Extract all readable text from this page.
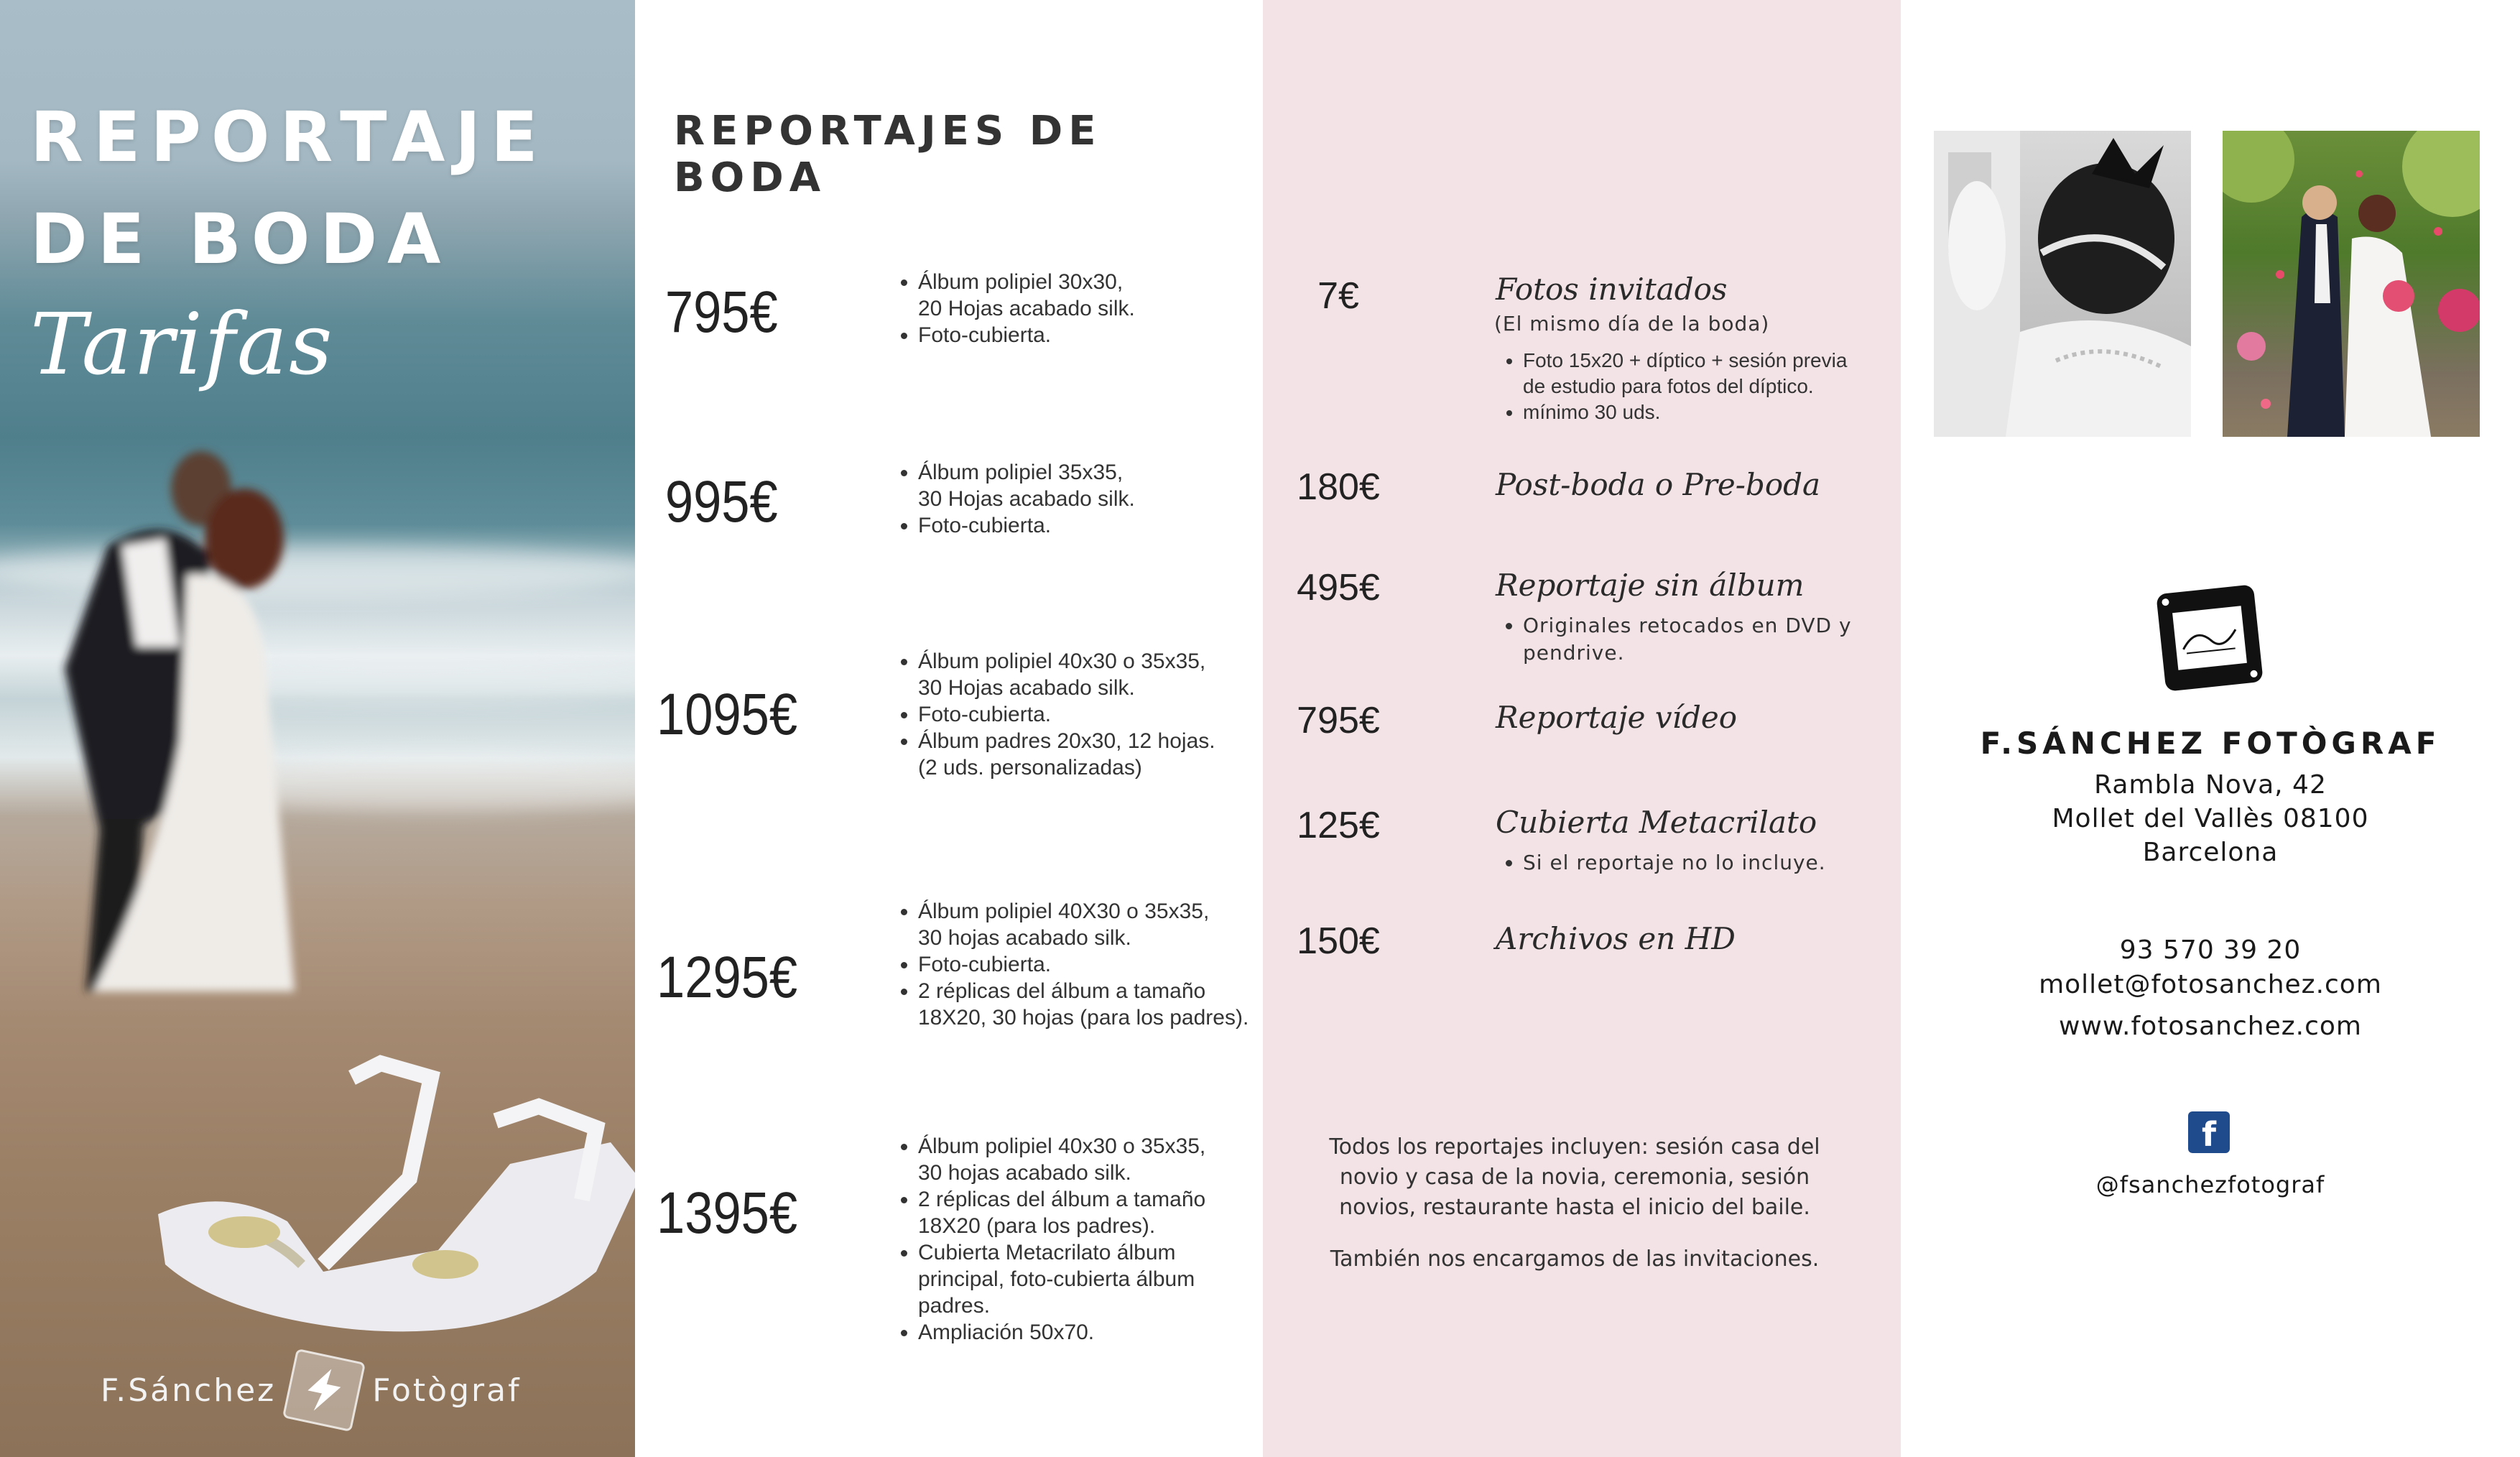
REPORTAJE
DE BODA
Tarifas
F.Sánchez	Fotògraf
REPORTAJES DE BODA
795€	• Álbum polipiel 30x30,
20 Hojas acabado silk.
• Foto-cubierta.
995€	• Álbum polipiel 35x35,
30 Hojas acabado silk.
• Foto-cubierta.
1095€
• Álbum polipiel 40x30 o 35x35,
30 Hojas acabado silk.
• Foto-cubierta.
• Álbum padres 20x30, 12 hojas.
(2 uds. personalizadas)
1295€
• Álbum polipiel 40X30 o 35x35,
30 hojas acabado silk.
• Foto-cubierta.
• 2 réplicas del álbum a tamaño
18X20, 30 hojas (para los padres).
1395€
• Álbum polipiel 40x30 o 35x35,
30 hojas acabado silk.
• 2 réplicas del álbum a tamaño
18X20 (para los padres).
• Cubierta Metacrilato álbum
principal, foto-cubierta álbum
padres.
• Ampliación 50x70.
7€	Fotos invitados
(El mismo día de la boda)
• Foto 15x20 + díptico + sesión previa
de estudio para fotos del díptico.
• mínimo 30 uds.
180€	Post-boda o Pre-boda
495€	Reportaje sin álbum
• Originales retocados en DVD y
pendrive.
795€	Reportaje vídeo
125€	Cubierta Metacrilato
• Si el reportaje no lo incluye.
150€	Archivos en HD
Todos los reportajes incluyen: sesión casa del novio y casa de la novia, ceremonia, sesión novios, restaurante hasta el inicio del baile.
También nos encargamos de las invitaciones.
F.SÁNCHEZ FOTÒGRAF
Rambla Nova, 42
Mollet del Vallès 08100
Barcelona
93 570 39 20
mollet@fotosanchez.com
www.fotosanchez.com
f
@fsanchezfotograf
